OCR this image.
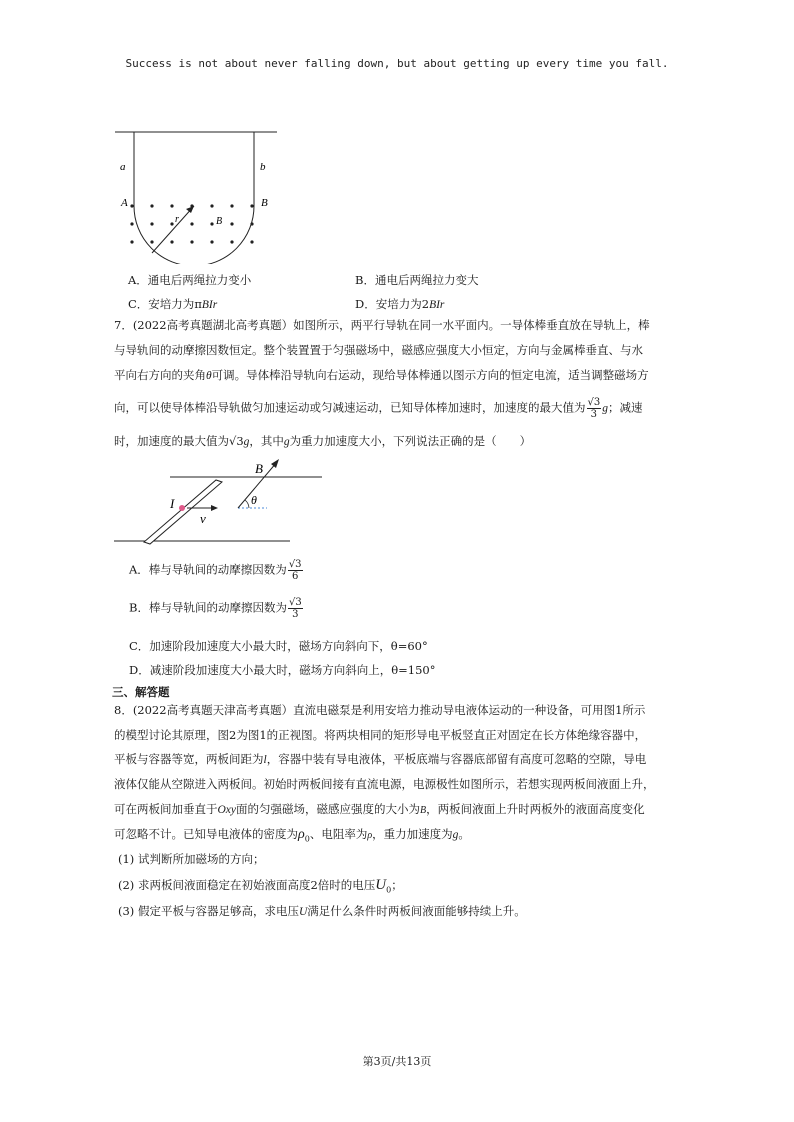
Success is not about never falling down, but about getting up every time you fall.
a	b
A	B
r	B
A．通电后两绳拉力变小	B．通电后两绳拉力变大
C．安培力为πBIr	D．安培力为2BIr
7．(2022高考真题湖北高考真题）如图所示，两平行导轨在同一水平面内。一导体棒垂直放在导轨上，棒
与导轨间的动摩擦因数恒定。整个装置置于匀强磁场中，磁感应强度大小恒定，方向与金属棒垂直、与水
平向右方向的夹角θ可调。导体棒沿导轨向右运动，现给导体棒通以图示方向的恒定电流，适当调整磁场方
向，可以使导体棒沿导轨做匀加速运动或匀减速运动，已知导体棒加速时，加速度的最大值为 $\frac{√3}{3}$ g；减速
时，加速度的最大值为√3g，其中g为重力加速度大小，下列说法正确的是（　　）
B
I	θ
v
A．棒与导轨间的动摩擦因数为 $\frac{√3}{6}$
B．棒与导轨间的动摩擦因数为 $\frac{√3}{3}$
C．加速阶段加速度大小最大时，磁场方向斜向下，θ=60°
D．减速阶段加速度大小最大时，磁场方向斜向上，θ=150°
三、解答题
8．(2022高考真题天津高考真题）直流电磁泵是利用安培力推动导电液体运动的一种设备，可用图1所示
的模型讨论其原理，图2为图1的正视图。将两块相同的矩形导电平板竖直正对固定在长方体绝缘容器中，
平板与容器等宽，两板间距为l，容器中装有导电液体，平板底端与容器底部留有高度可忽略的空隙，导电
液体仅能从空隙进入两板间。初始时两板间接有直流电源，电源极性如图所示，若想实现两板间液面上升，
可在两板间加垂直于Oxy面的匀强磁场，磁感应强度的大小为B，两板间液面上升时两板外的液面高度变化
可忽略不计。已知导电液体的密度为$\rho_0$、电阻率为ρ，重力加速度为g。
(1) 试判断所加磁场的方向；
(2) 求两板间液面稳定在初始液面高度2倍时的电压$U_0$；
(3) 假定平板与容器足够高，求电压U满足什么条件时两板间液面能够持续上升。
第3页/共13页
